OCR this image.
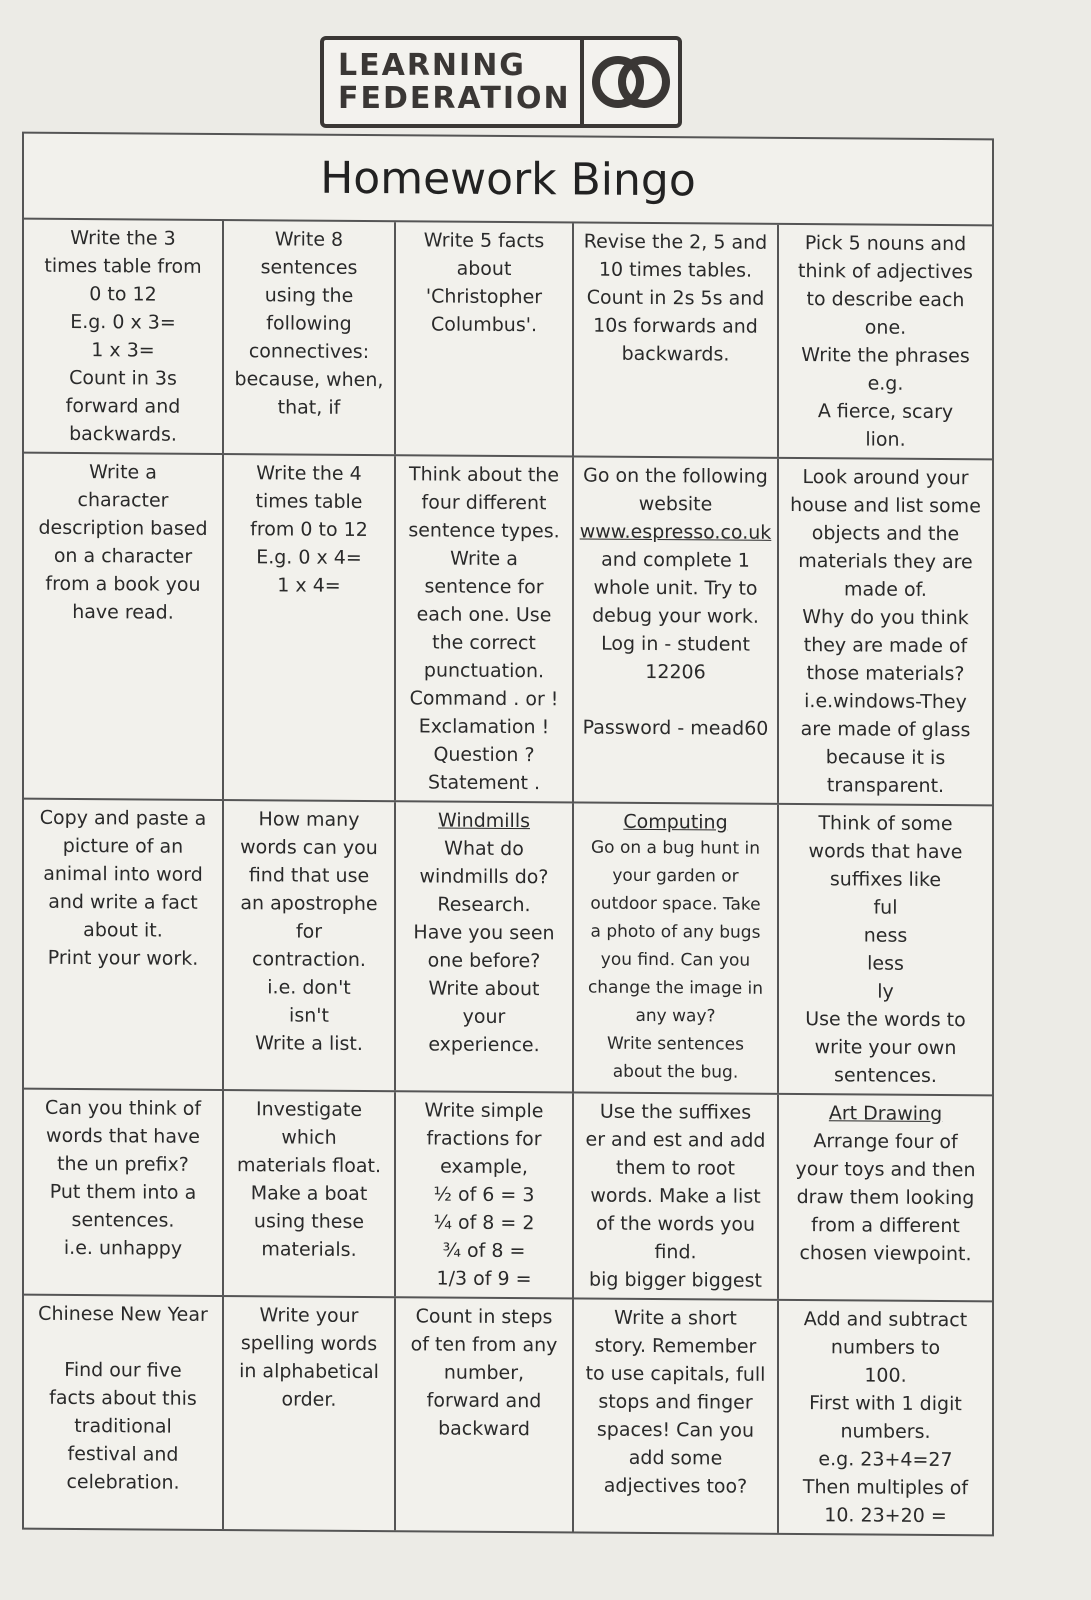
LEARNING
FEDERATION
Homework Bingo
Write the 3
times table from
0 to 12
E.g. 0 x 3=
1 x 3=
Count in 3s
forward and
backwards.
Write 8
sentences
using the
following
connectives:
because, when,
that, if
Write 5 facts
about
'Christopher
Columbus'.
Revise the 2, 5 and
10 times tables.
Count in 2s 5s and
10s forwards and
backwards.
Pick 5 nouns and
think of adjectives
to describe each
one.
Write the phrases
e.g.
A fierce, scary
lion.
Write a
character
description based
on a character
from a book you
have read.
Write the 4
times table
from 0 to 12
E.g. 0 x 4=
1 x 4=
Think about the
four different
sentence types.
Write a
sentence for
each one. Use
the correct
punctuation.
Command . or !
Exclamation !
Question ?
Statement .
Go on the following
website
www.espresso.co.uk
and complete 1
whole unit. Try to
debug your work.
Log in - student
12206
Password - mead60
Look around your
house and list some
objects and the
materials they are
made of.
Why do you think
they are made of
those materials?
i.e.windows-They
are made of glass
because it is
transparent.
Copy and paste a
picture of an
animal into word
and write a fact
about it.
Print your work.
How many
words can you
find that use
an apostrophe
for
contraction.
i.e. don't
isn't
Write a list.
Windmills
What do
windmills do?
Research.
Have you seen
one before?
Write about
your
experience.
Computing
Go on a bug hunt in
your garden or
outdoor space. Take
a photo of any bugs
you find. Can you
change the image in
any way?
Write sentences
about the bug.
Think of some
words that have
suffixes like
ful
ness
less
ly
Use the words to
write your own
sentences.
Can you think of
words that have
the un prefix?
Put them into a
sentences.
i.e. unhappy
Investigate
which
materials float.
Make a boat
using these
materials.
Write simple
fractions for
example,
½ of 6 = 3
¼ of 8 = 2
¾ of 8 =
1/3 of 9 =
Use the suffixes
er and est and add
them to root
words. Make a list
of the words you
find.
big bigger biggest
Art Drawing
Arrange four of
your toys and then
draw them looking
from a different
chosen viewpoint.
Chinese New Year
Find our five
facts about this
traditional
festival and
celebration.
Write your
spelling words
in alphabetical
order.
Count in steps
of ten from any
number,
forward and
backward
Write a short
story. Remember
to use capitals, full
stops and finger
spaces! Can you
add some
adjectives too?
Add and subtract
numbers to
100.
First with 1 digit
numbers.
e.g. 23+4=27
Then multiples of
10. 23+20 =
